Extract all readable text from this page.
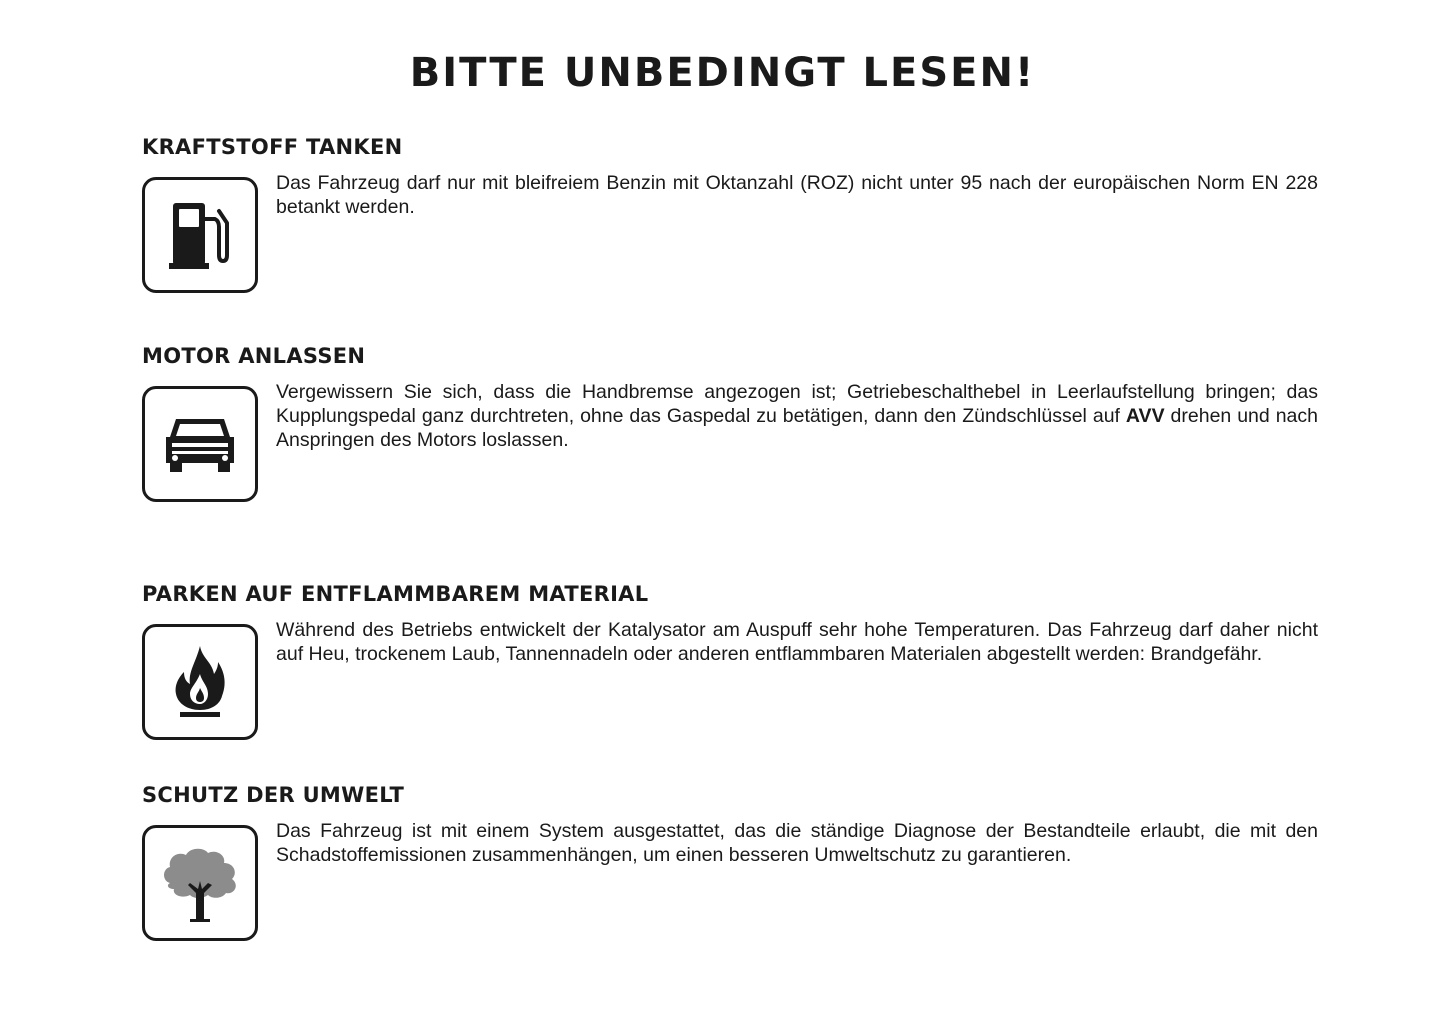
BITTE UNBEDINGT LESEN!
KRAFTSTOFF TANKEN

Das Fahrzeug darf nur mit bleifreiem Benzin mit Oktanzahl (ROZ) nicht unter 95 nach der europäischen Norm EN 228 betankt werden.

MOTOR ANLASSEN

Vergewissern Sie sich, dass die Handbremse angezogen ist; Getriebeschalthebel in Leerlaufstellung bringen; das Kupplungspedal ganz durchtreten, ohne das Gaspedal zu betätigen, dann den Zündschlüssel auf AVV drehen und nach Anspringen des Motors loslassen.

PARKEN AUF ENTFLAMMBAREM MATERIAL

Während des Betriebs entwickelt der Katalysator am Auspuff sehr hohe Temperaturen. Das Fahrzeug darf daher nicht auf Heu, trockenem Laub, Tannennadeln oder anderen entflammbaren Materialen abgestellt werden: Brandgefähr.

SCHUTZ DER UMWELT

Das Fahrzeug ist mit einem System ausgestattet, das die ständige Diagnose der Bestandteile erlaubt, die mit den Schadstoffemissionen zusammenhängen, um einen besseren Umweltschutz zu garantieren.
